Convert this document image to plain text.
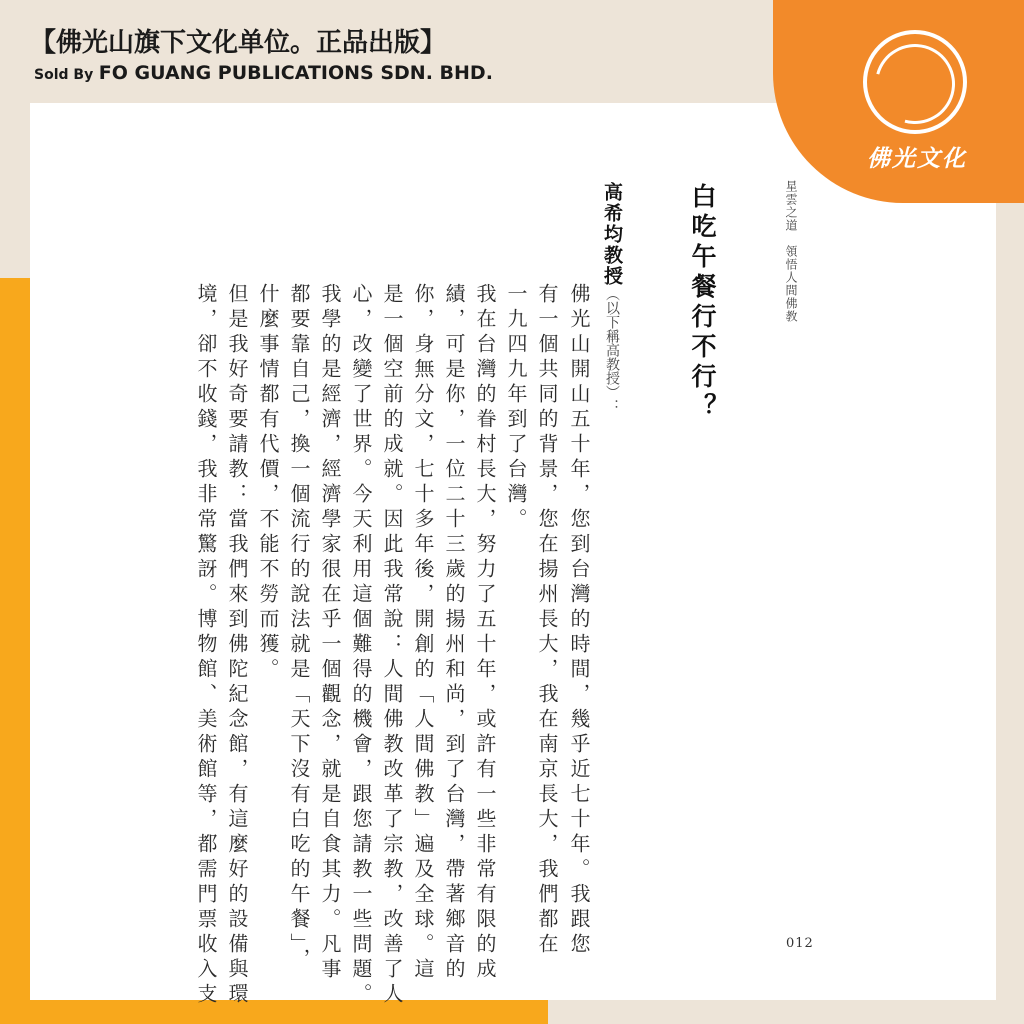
【佛光山旗下文化单位。正品出版】
Sold By FO GUANG PUBLICATIONS SDN. BHD.
佛光文化
星雲之道　領悟人間佛教
白吃午餐行不行？
高希均教授（以下稱高教授）：
佛光山開山五十年，您到台灣的時間，幾乎近七十年。我跟您
有一個共同的背景，您在揚州長大，我在南京長大，我們都在
一九四九年到了台灣。
我在台灣的眷村長大，努力了五十年，或許有一些非常有限的成
績，可是你，一位二十三歲的揚州和尚，到了台灣，帶著鄉音的
你，身無分文，七十多年後，開創的「人間佛教」遍及全球。這
是一個空前的成就。因此我常說：人間佛教改革了宗教，改善了人
心，改變了世界。今天利用這個難得的機會，跟您請教一些問題。
我學的是經濟，經濟學家很在乎一個觀念，就是自食其力。凡事
都要靠自己，換一個流行的說法就是「天下沒有白吃的午餐」，
什麼事情都有代價，不能不勞而獲。
但是我好奇要請教：當我們來到佛陀紀念館，有這麼好的設備與環
境，卻不收錢，我非常驚訝。博物館、美術館等，都需門票收入支	012
